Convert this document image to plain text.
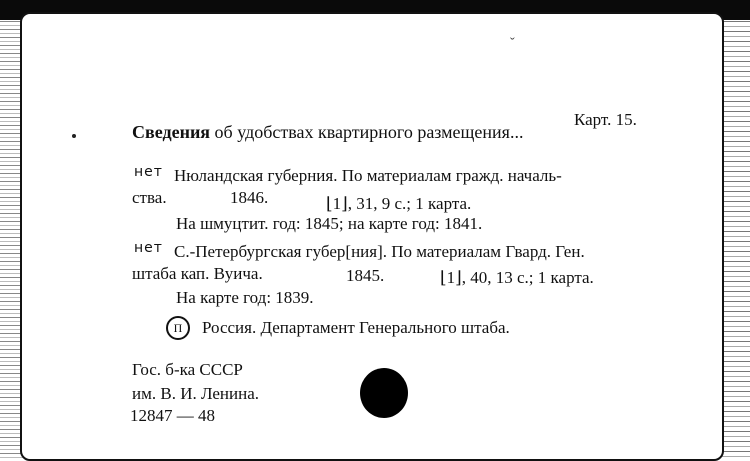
ˇ
Карт. 15.
Сведения об удобствах квартирного размещения...
нет Нюландская губерния. По материалам гражд. началь-
ства.	1846.	⌊1⌋, 31, 9 с.; 1 карта.
На шмуцтит. год: 1845; на карте год: 1841.
нет С.-Петербургская губер[ния]. По материалам Гвард. Ген.
штаба кап. Вуича.	1845.	⌊1⌋, 40, 13 с.; 1 карта.
На карте год: 1839.
П	Россия. Департамент Генерального штаба.
Гос. б-ка СССР
им. В. И. Ленина.
12847 — 48
